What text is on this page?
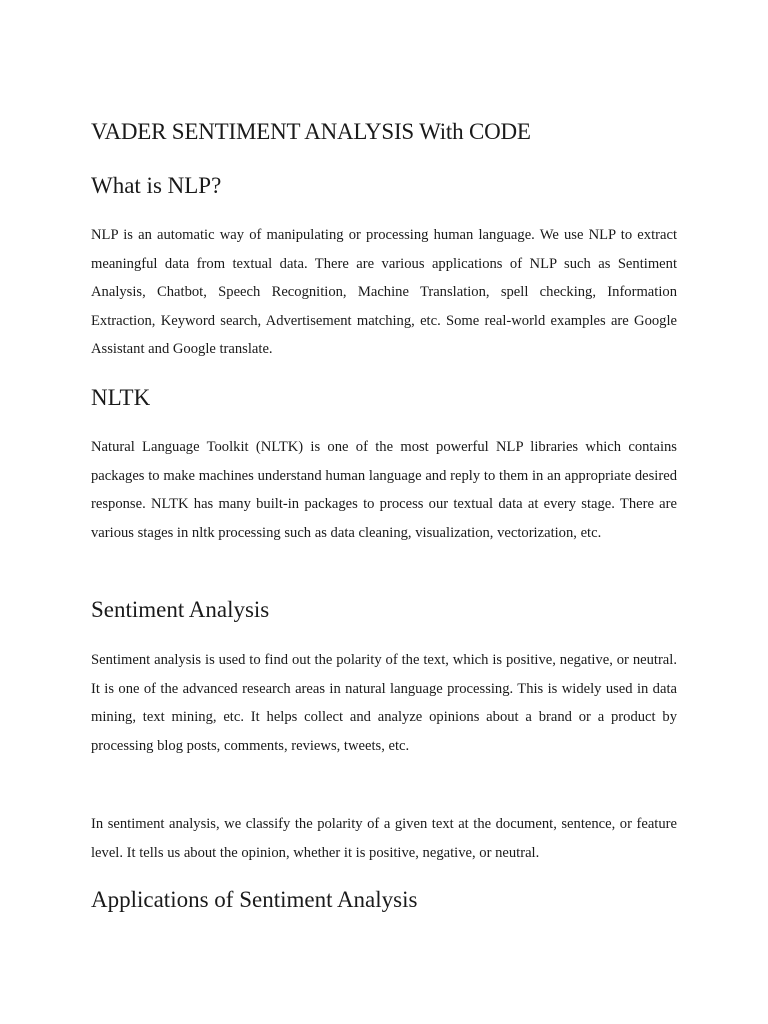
VADER SENTIMENT ANALYSIS With CODE
What is NLP?

NLP is an automatic way of manipulating or processing human language. We use NLP to extract meaningful data from textual data. There are various applications of NLP such as Sentiment Analysis, Chatbot, Speech Recognition, Machine Translation, spell checking, Information Extraction, Keyword search, Advertisement matching, etc. Some real-world examples are Google Assistant and Google translate.

NLTK

Natural Language Toolkit (NLTK) is one of the most powerful NLP libraries which contains packages to make machines understand human language and reply to them in an appropriate desired response. NLTK has many built-in packages to process our textual data at every stage. There are various stages in nltk processing such as data cleaning, visualization, vectorization, etc.

Sentiment Analysis

Sentiment analysis is used to find out the polarity of the text, which is positive, negative, or neutral. It is one of the advanced research areas in natural language processing. This is widely used in data mining, text mining, etc. It helps collect and analyze opinions about a brand or a product by processing blog posts, comments, reviews, tweets, etc.

In sentiment analysis, we classify the polarity of a given text at the document, sentence, or feature level. It tells us about the opinion, whether it is positive, negative, or neutral.

Applications of Sentiment Analysis
